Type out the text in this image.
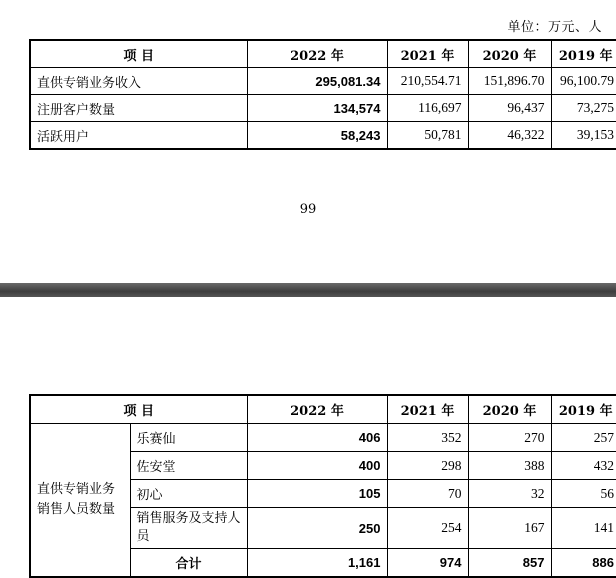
单位：万元、人
项 目	2022 年	2021 年	2020 年	2019 年
直供专销业务收入	295,081.34	210,554.71	151,896.70	96,100.79
注册客户数量	134,574	116,697	96,437	73,275
活跃用户	58,243	50,781	46,322	39,153
99
项 目		2022 年	2021 年	2020 年	2019 年
直供专销业务销售人员数量	乐赛仙	406	352	270	257
	佐安堂	400	298	388	432
	初心	105	70	32	56
	销售服务及支持人员	250	254	167	141
	合计	1,161	974	857	886
